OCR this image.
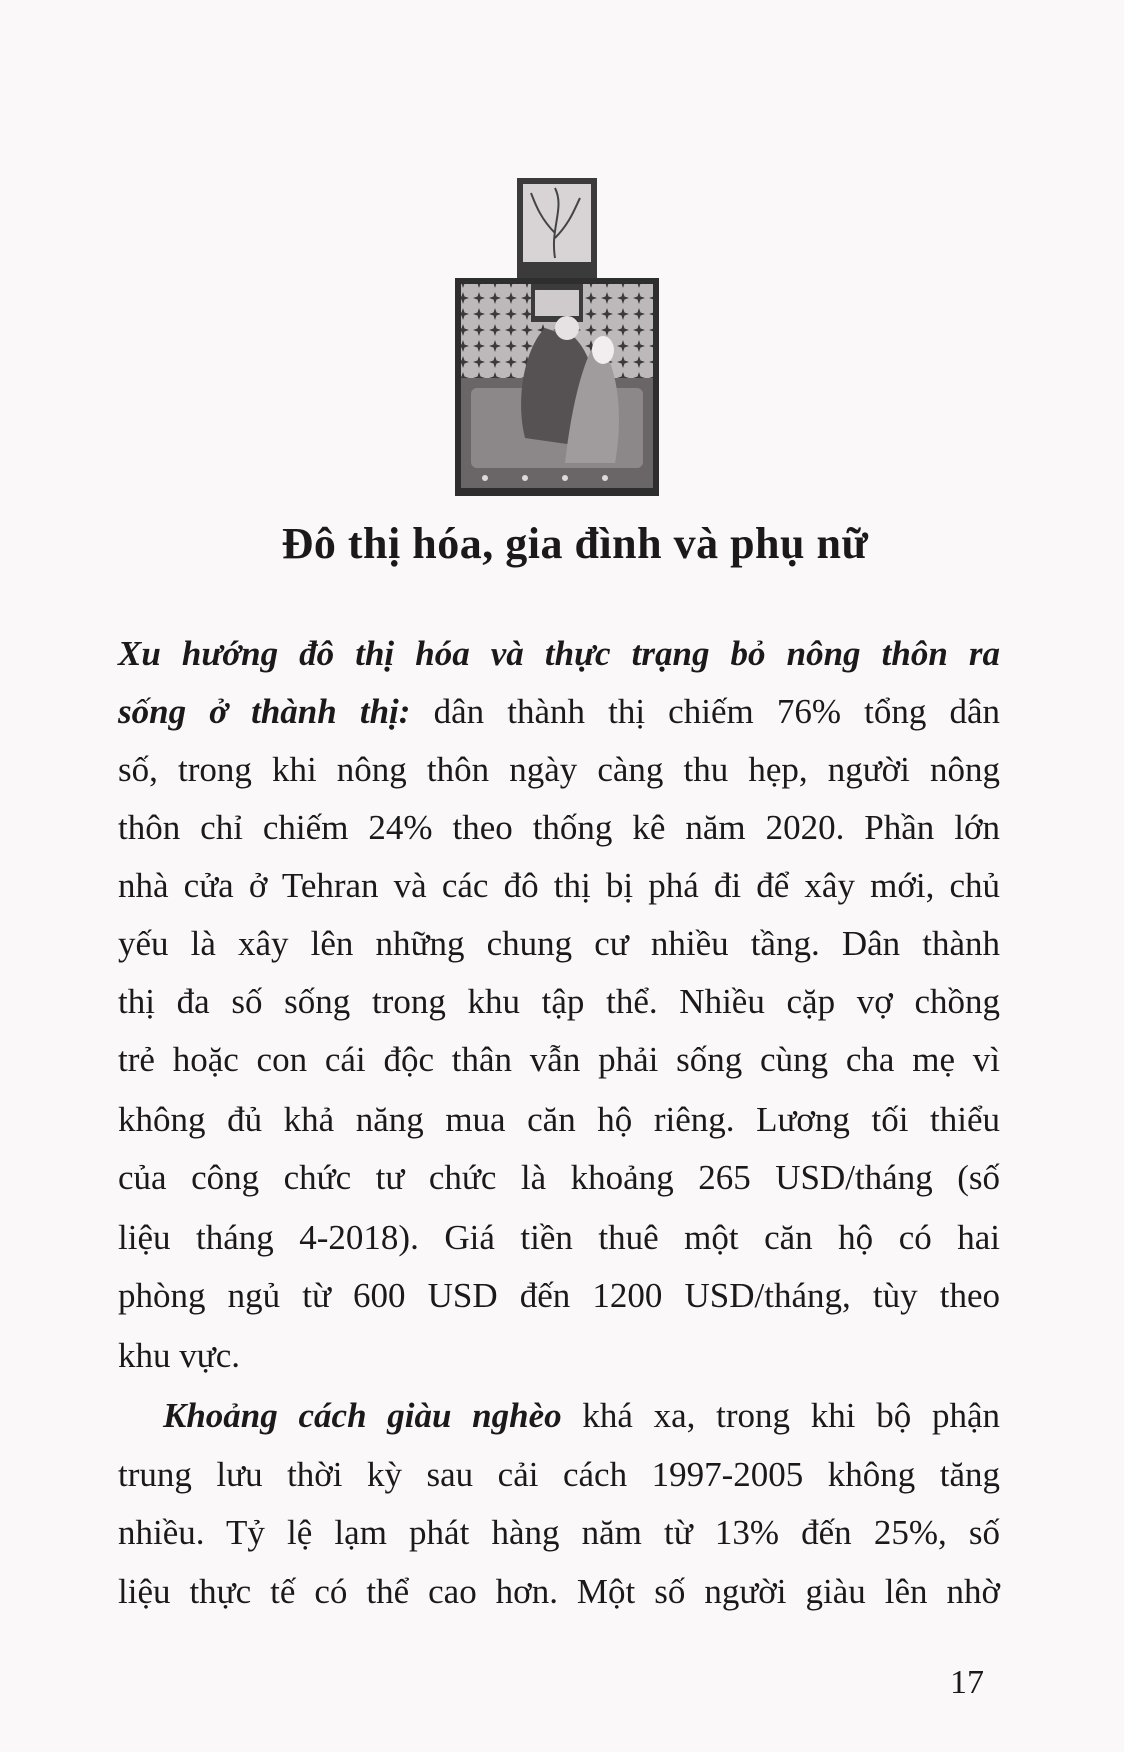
Đô thị hóa, gia đình và phụ nữ
Xu hướng đô thị hóa và thực trạng bỏ nông thôn ra
sống ở thành thị: dân thành thị chiếm 76% tổng dân
số, trong khi nông thôn ngày càng thu hẹp, người nông
thôn chỉ chiếm 24% theo thống kê năm 2020. Phần lớn
nhà cửa ở Tehran và các đô thị bị phá đi để xây mới, chủ
yếu là xây lên những chung cư nhiều tầng. Dân thành
thị đa số sống trong khu tập thể. Nhiều cặp vợ chồng
trẻ hoặc con cái độc thân vẫn phải sống cùng cha mẹ vì
không đủ khả năng mua căn hộ riêng. Lương tối thiểu
của công chức tư chức là khoảng 265 USD/tháng (số
liệu tháng 4-2018). Giá tiền thuê một căn hộ có hai
phòng ngủ từ 600 USD đến 1200 USD/tháng, tùy theo
khu vực.
Khoảng cách giàu nghèo khá xa, trong khi bộ phận
trung lưu thời kỳ sau cải cách 1997-2005 không tăng
nhiều. Tỷ lệ lạm phát hàng năm từ 13% đến 25%, số
liệu thực tế có thể cao hơn. Một số người giàu lên nhờ
17
